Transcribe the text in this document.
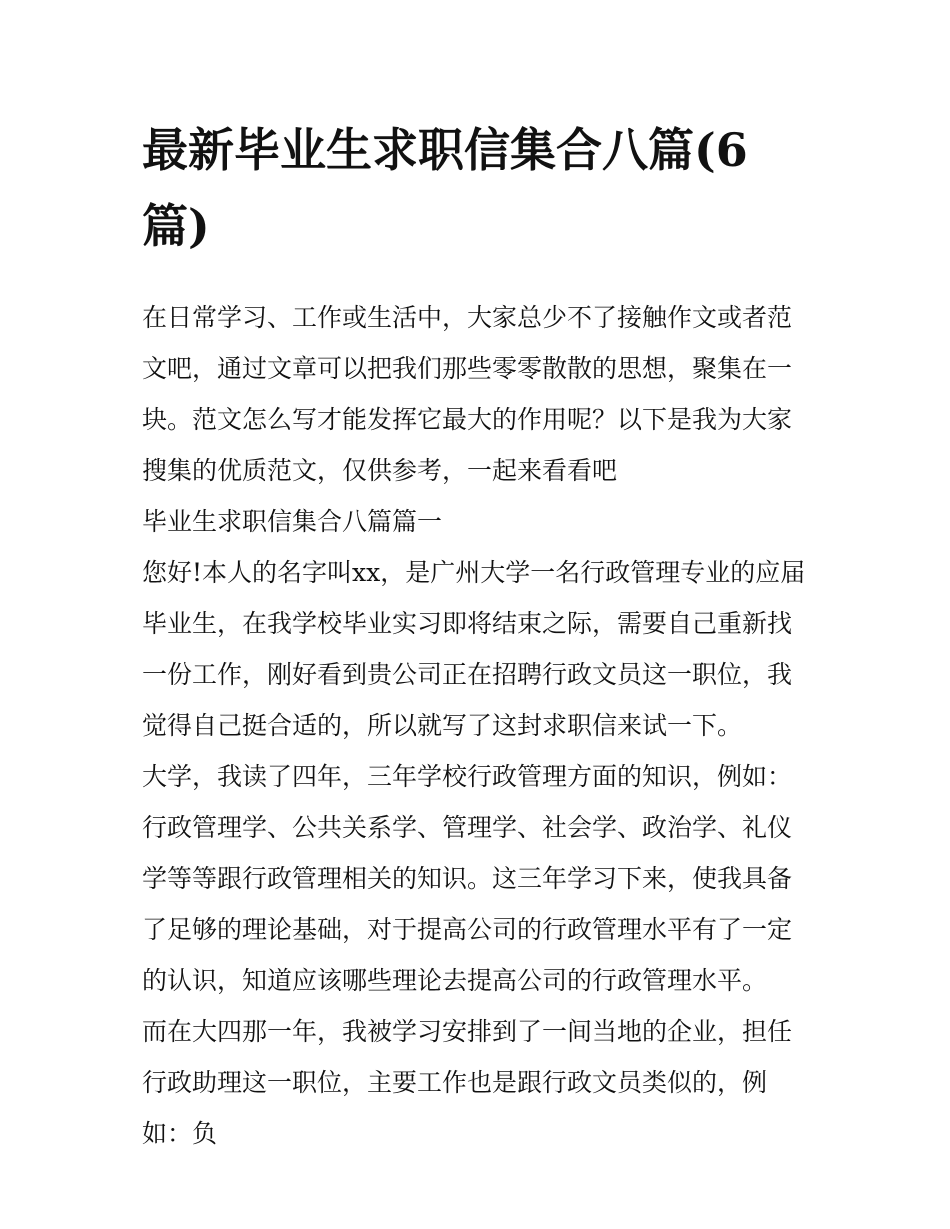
最新毕业生求职信集合八篇(6篇)

在日常学习、工作或生活中，大家总少不了接触作文或者范文吧，通过文章可以把我们那些零零散散的思想，聚集在一块。范文怎么写才能发挥它最大的作用呢？以下是我为大家搜集的优质范文，仅供参考，一起来看看吧

毕业生求职信集合八篇篇一

您好!本人的名字叫xx，是广州大学一名行政管理专业的应届毕业生，在我学校毕业实习即将结束之际，需要自己重新找一份工作，刚好看到贵公司正在招聘行政文员这一职位，我觉得自己挺合适的，所以就写了这封求职信来试一下。

大学，我读了四年，三年学校行政管理方面的知识，例如：行政管理学、公共关系学、管理学、社会学、政治学、礼仪学等等跟行政管理相关的知识。这三年学习下来，使我具备了足够的理论基础，对于提高公司的行政管理水平有了一定的认识，知道应该哪些理论去提高公司的行政管理水平。

而在大四那一年，我被学习安排到了一间当地的企业，担任行政助理这一职位，主要工作也是跟行政文员类似的，例如：负
